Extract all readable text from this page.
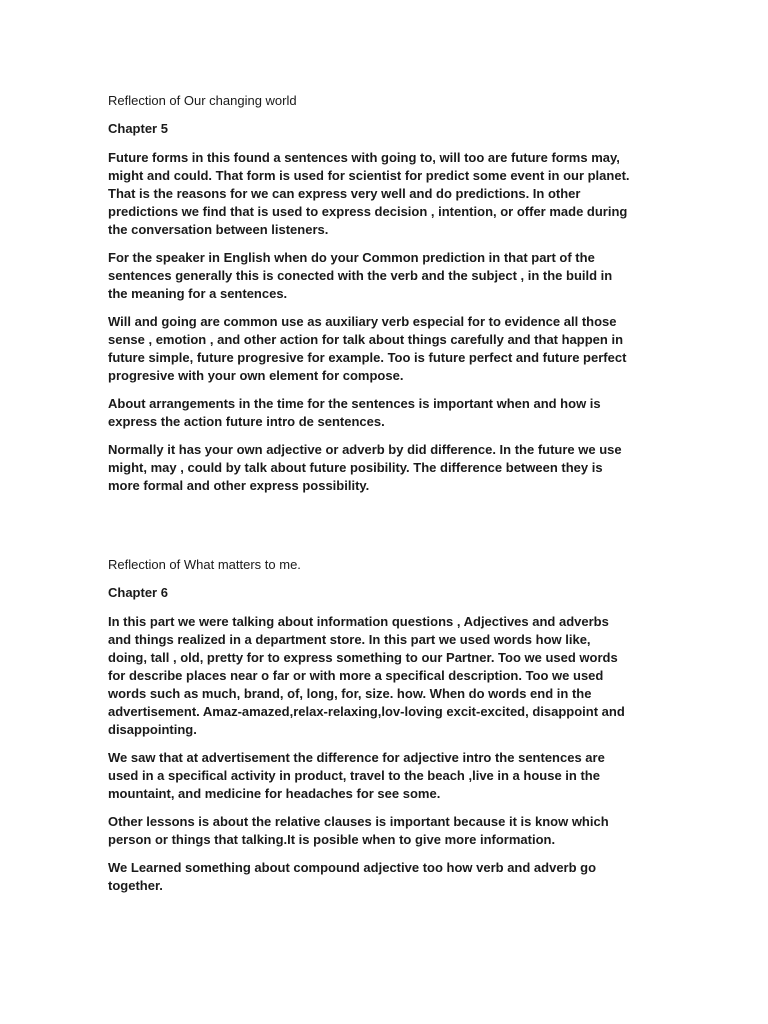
Reflection of Our changing world

Chapter 5

Future forms in this found a sentences with going to, will too are future forms may,
might and could. That form is used for scientist for predict some event in our planet.
That is the reasons for we can express very well and do predictions. In other
predictions we find that is used to express decision , intention, or offer made during
the conversation between listeners.

For the speaker in English when do your Common prediction in that part of the
sentences generally this is conected with the verb and the subject , in the build in
the meaning for a sentences.

Will and going are common use as auxiliary verb especial for to evidence all those
sense , emotion , and other action for talk about things carefully and that happen in
future simple, future progresive for example. Too is future perfect and future perfect
progresive with your own element for compose.

About arrangements in the time for the sentences is important when and how is
express the action future intro de sentences.

Normally it has your own adjective or adverb by did difference. In the future we use
might, may , could by talk about future posibility. The difference between they is
more formal and other express possibility.

Reflection of What matters to me.

Chapter 6

In this part we were talking about information questions , Adjectives and adverbs
and things realized in a department store. In this part we used words how like,
doing, tall , old, pretty for to express something to our Partner. Too we used words
for describe places near o far or with more a specifical description. Too we used
words such as much, brand, of, long, for, size. how. When do words end in the
advertisement. Amaz-amazed,relax-relaxing,lov-loving excit-excited, disappoint and
disappointing.

We saw that at advertisement the difference for adjective intro the sentences are
used in a specifical activity in product, travel to the beach ,live in a house in the
mountaint, and medicine for headaches for see some.

Other lessons is about the relative clauses is important because it is know which
person or things that talking.It is posible when to give more information.

We Learned something about compound adjective too how verb and adverb go
together.
